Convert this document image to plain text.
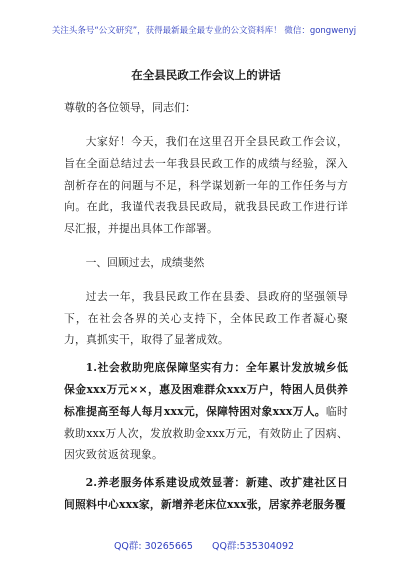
关注头条号“公文研究”，获得最新最全最专业的公文资料库！ 微信：gongwenyj
在全县民政工作会议上的讲话
尊敬的各位领导，同志们：

大家好！今天，我们在这里召开全县民政工作会议，旨在全面总结过去一年我县民政工作的成绩与经验，深入剖析存在的问题与不足，科学谋划新一年的工作任务与方向。在此，我谨代表我县民政局，就我县民政工作进行详尽汇报，并提出具体工作部署。

一、回顾过去，成绩斐然

过去一年，我县民政工作在县委、县政府的坚强领导下，在社会各界的关心支持下，全体民政工作者凝心聚力，真抓实干，取得了显著成效。

1.社会救助兜底保障坚实有力：全年累计发放城乡低保金xxx万元××，惠及困难群众xxx万户，特困人员供养标准提高至每人每月xxx元，保障特困对象xxx万人。临时救助xxx万人次，发放救助金xxx万元，有效防止了因病、因灾致贫返贫现象。

2.养老服务体系建设成效显著：新建、改扩建社区日间照料中心xxx家，新增养老床位xxx张，居家养老服务覆

QQ群: 30265665 QQ群:535304092
